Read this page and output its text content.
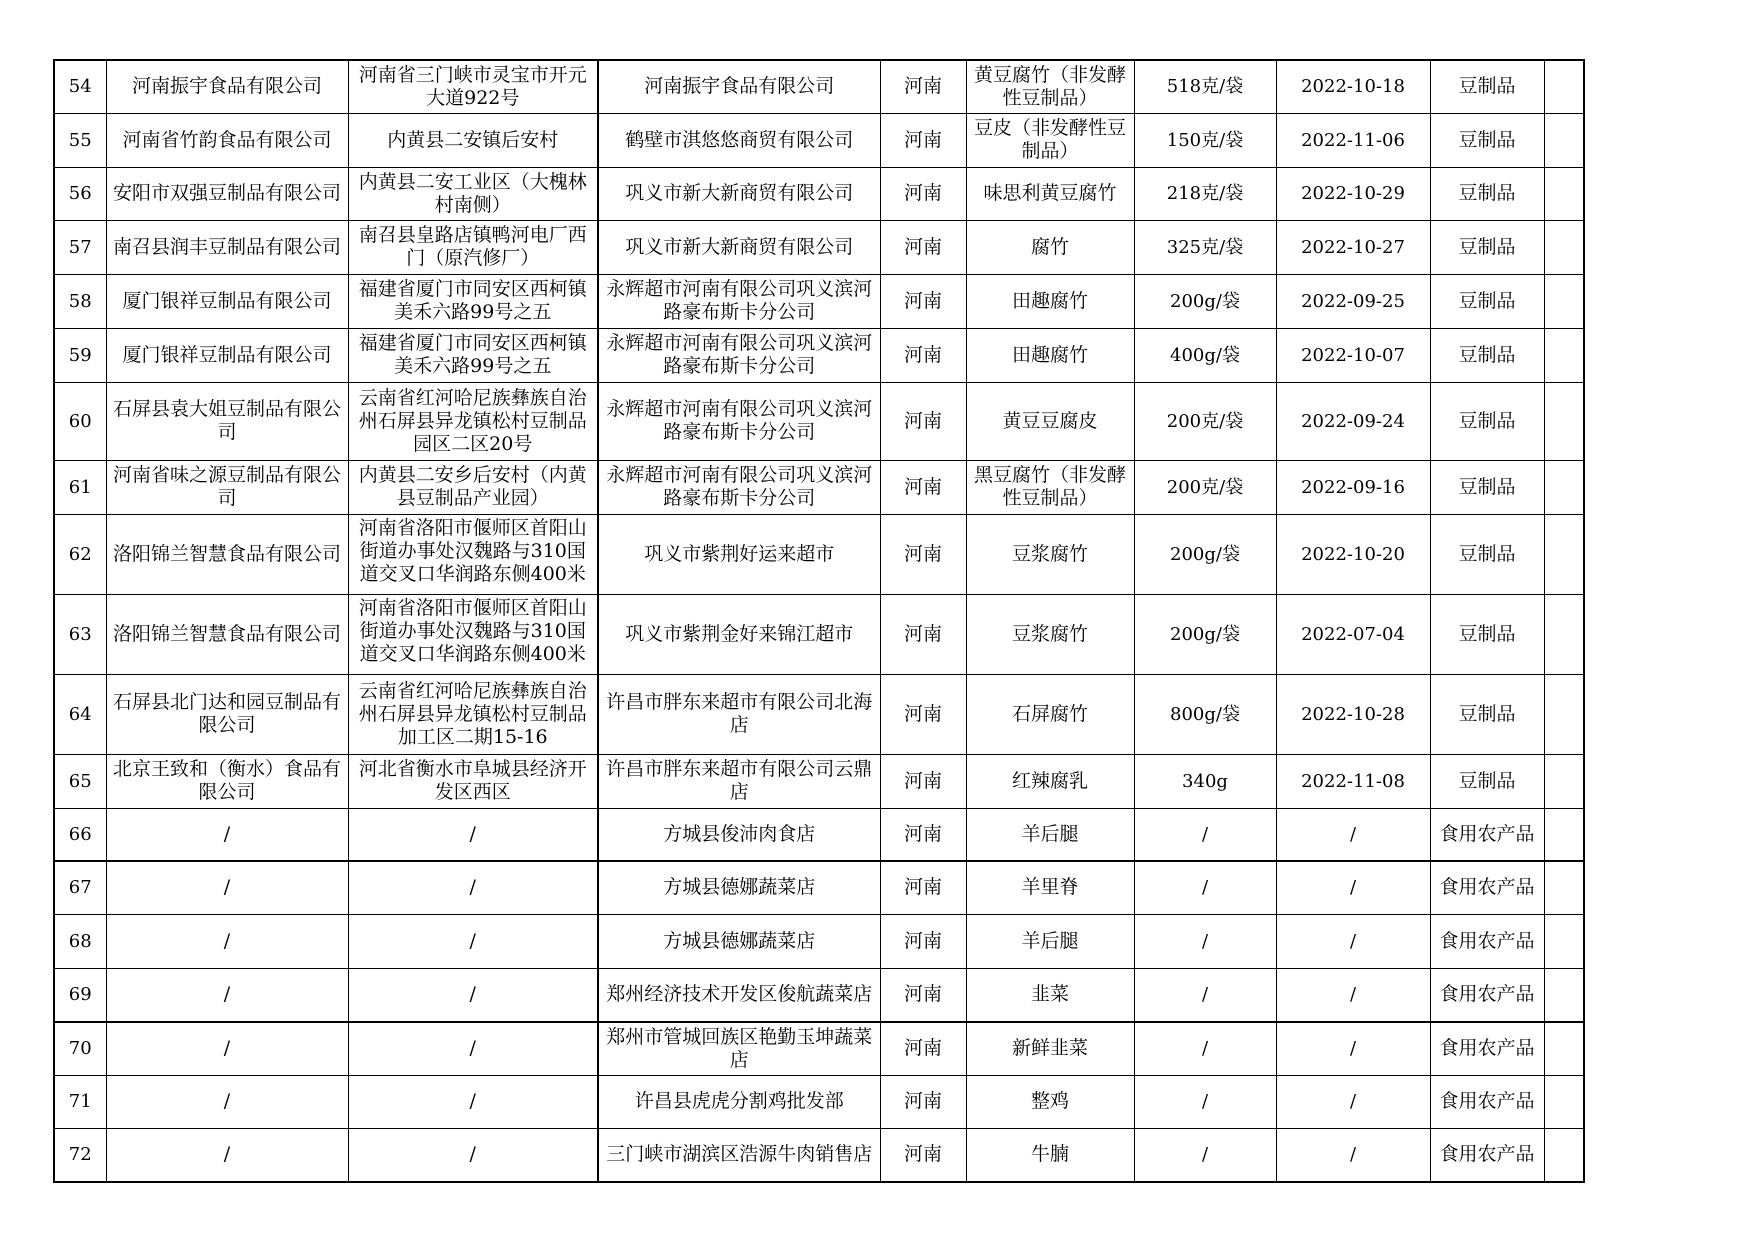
54	河南振宇食品有限公司	河南省三门峡市灵宝市开元大道922号	河南振宇食品有限公司	河南	黄豆腐竹（非发酵性豆制品）	518克/袋	2022-10-18	豆制品	
55	河南省竹韵食品有限公司	内黄县二安镇后安村	鹤壁市淇悠悠商贸有限公司	河南	豆皮（非发酵性豆制品）	150克/袋	2022-11-06	豆制品	
56	安阳市双强豆制品有限公司	内黄县二安工业区（大槐林村南侧）	巩义市新大新商贸有限公司	河南	味思利黄豆腐竹	218克/袋	2022-10-29	豆制品	
57	南召县润丰豆制品有限公司	南召县皇路店镇鸭河电厂西门（原汽修厂）	巩义市新大新商贸有限公司	河南	腐竹	325克/袋	2022-10-27	豆制品	
58	厦门银祥豆制品有限公司	福建省厦门市同安区西柯镇美禾六路99号之五	永辉超市河南有限公司巩义滨河路豪布斯卡分公司	河南	田趣腐竹	200g/袋	2022-09-25	豆制品	
59	厦门银祥豆制品有限公司	福建省厦门市同安区西柯镇美禾六路99号之五	永辉超市河南有限公司巩义滨河路豪布斯卡分公司	河南	田趣腐竹	400g/袋	2022-10-07	豆制品	
60	石屏县袁大姐豆制品有限公司	云南省红河哈尼族彝族自治州石屏县异龙镇松村豆制品园区二区20号	永辉超市河南有限公司巩义滨河路豪布斯卡分公司	河南	黄豆豆腐皮	200克/袋	2022-09-24	豆制品	
61	河南省味之源豆制品有限公司	内黄县二安乡后安村（内黄县豆制品产业园）	永辉超市河南有限公司巩义滨河路豪布斯卡分公司	河南	黑豆腐竹（非发酵性豆制品）	200克/袋	2022-09-16	豆制品	
62	洛阳锦兰智慧食品有限公司	河南省洛阳市偃师区首阳山街道办事处汉魏路与310国道交叉口华润路东侧400米	巩义市紫荆好运来超市	河南	豆浆腐竹	200g/袋	2022-10-20	豆制品	
63	洛阳锦兰智慧食品有限公司	河南省洛阳市偃师区首阳山街道办事处汉魏路与310国道交叉口华润路东侧400米	巩义市紫荆金好来锦江超市	河南	豆浆腐竹	200g/袋	2022-07-04	豆制品	
64	石屏县北门达和园豆制品有限公司	云南省红河哈尼族彝族自治州石屏县异龙镇松村豆制品加工区二期15-16	许昌市胖东来超市有限公司北海店	河南	石屏腐竹	800g/袋	2022-10-28	豆制品	
65	北京王致和（衡水）食品有限公司	河北省衡水市阜城县经济开发区西区	许昌市胖东来超市有限公司云鼎店	河南	红辣腐乳	340g	2022-11-08	豆制品	
66	/	/	方城县俊沛肉食店	河南	羊后腿	/	/	食用农产品	
67	/	/	方城县德娜蔬菜店	河南	羊里脊	/	/	食用农产品	
68	/	/	方城县德娜蔬菜店	河南	羊后腿	/	/	食用农产品	
69	/	/	郑州经济技术开发区俊航蔬菜店	河南	韭菜	/	/	食用农产品	
70	/	/	郑州市管城回族区艳勤玉坤蔬菜店	河南	新鲜韭菜	/	/	食用农产品	
71	/	/	许昌县虎虎分割鸡批发部	河南	整鸡	/	/	食用农产品	
72	/	/	三门峡市湖滨区浩源牛肉销售店	河南	牛腩	/	/	食用农产品	
